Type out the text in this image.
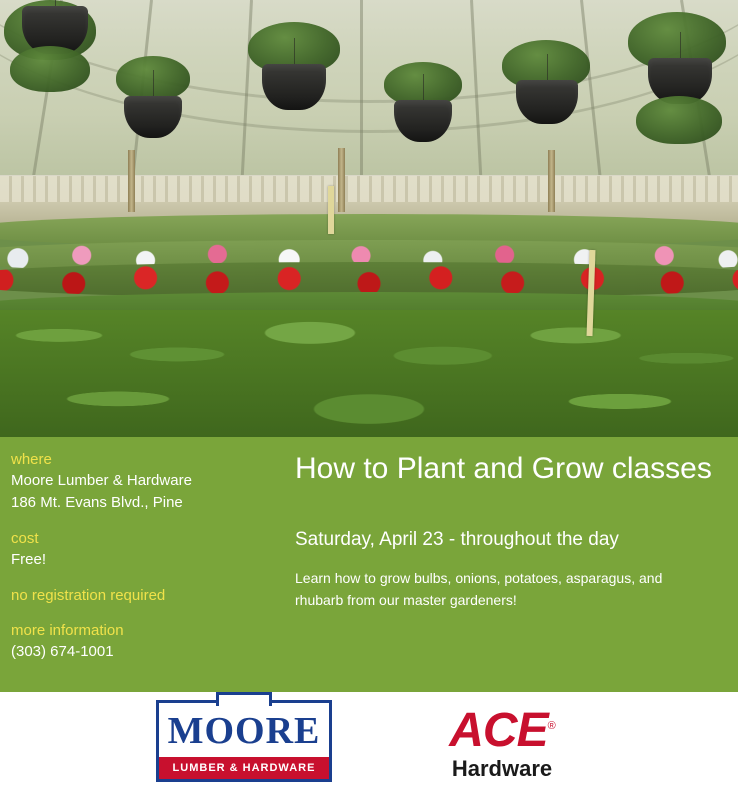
where
Moore Lumber & Hardware
186 Mt. Evans Blvd., Pine
cost
Free!
no registration required
more information
(303) 674-1001
How to Plant and Grow classes
Saturday, April 23 - throughout the day
Learn how to grow bulbs, onions, potatoes, asparagus, and rhubarb from our master gardeners!
MOORE
LUMBER & HARDWARE
ACE®
Hardware
